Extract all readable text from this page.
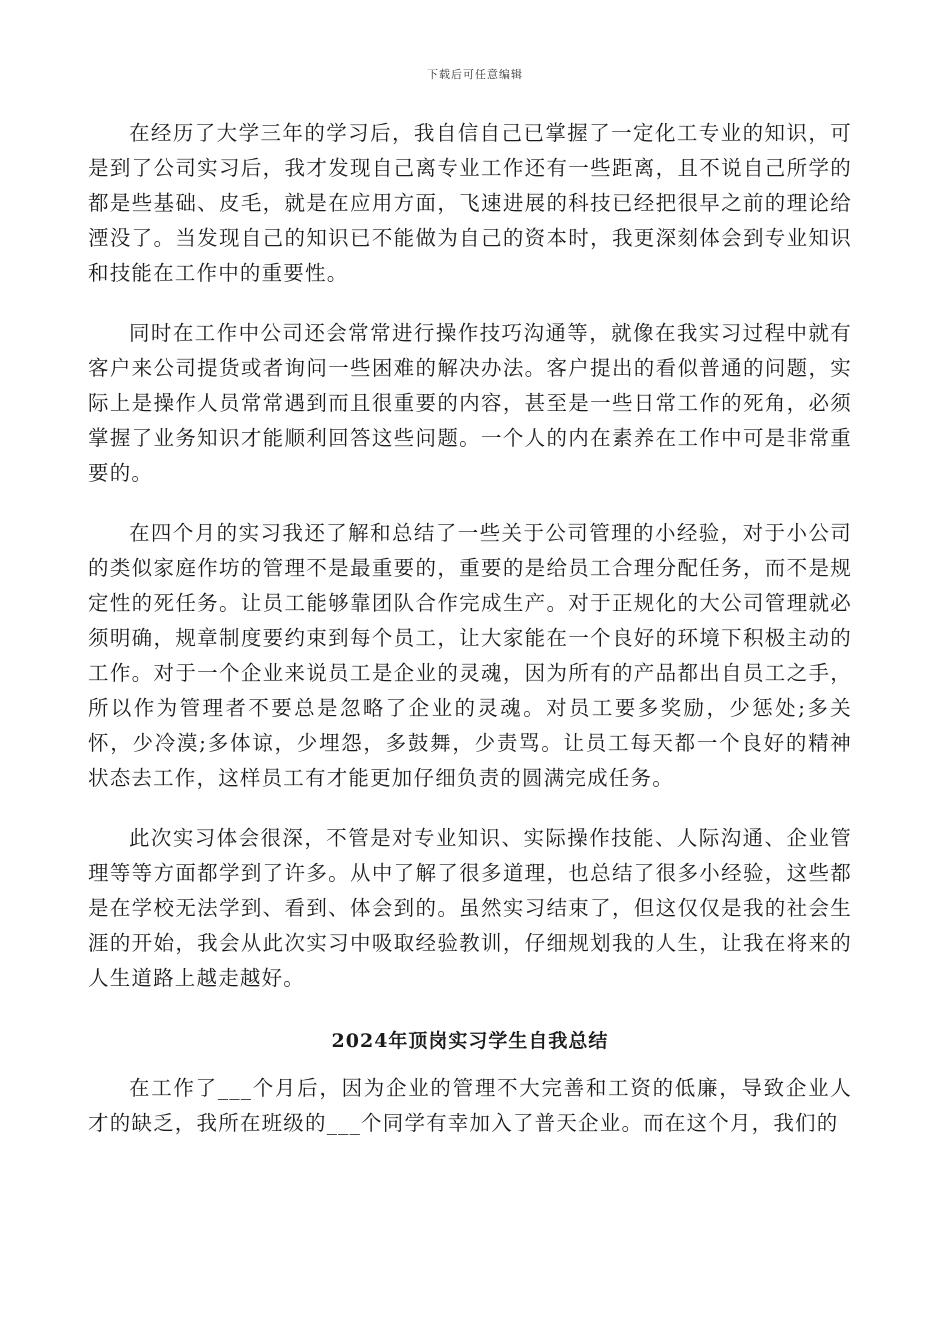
下载后可任意编辑

在经历了大学三年的学习后，我自信自己已掌握了一定化工专业的知识，可是到了公司实习后，我才发现自己离专业工作还有一些距离，且不说自己所学的都是些基础、皮毛，就是在应用方面，飞速进展的科技已经把很早之前的理论给湮没了。当发现自己的知识已不能做为自己的资本时，我更深刻体会到专业知识和技能在工作中的重要性。

同时在工作中公司还会常常进行操作技巧沟通等，就像在我实习过程中就有客户来公司提货或者询问一些困难的解决办法。客户提出的看似普通的问题，实际上是操作人员常常遇到而且很重要的内容，甚至是一些日常工作的死角，必须掌握了业务知识才能顺利回答这些问题。一个人的内在素养在工作中可是非常重要的。

在四个月的实习我还了解和总结了一些关于公司管理的小经验，对于小公司的类似家庭作坊的管理不是最重要的，重要的是给员工合理分配任务，而不是规定性的死任务。让员工能够靠团队合作完成生产。对于正规化的大公司管理就必须明确，规章制度要约束到每个员工，让大家能在一个良好的环境下积极主动的工作。对于一个企业来说员工是企业的灵魂，因为所有的产品都出自员工之手，所以作为管理者不要总是忽略了企业的灵魂。对员工要多奖励，少惩处;多关怀，少冷漠;多体谅，少埋怨，多鼓舞，少责骂。让员工每天都一个良好的精神状态去工作，这样员工有才能更加仔细负责的圆满完成任务。

此次实习体会很深，不管是对专业知识、实际操作技能、人际沟通、企业管理等等方面都学到了许多。从中了解了很多道理，也总结了很多小经验，这些都是在学校无法学到、看到、体会到的。虽然实习结束了，但这仅仅是我的社会生涯的开始，我会从此次实习中吸取经验教训，仔细规划我的人生，让我在将来的人生道路上越走越好。

2024年顶岗实习学生自我总结

在工作了___个月后，因为企业的管理不大完善和工资的低廉，导致企业人才的缺乏，我所在班级的___个同学有幸加入了普天企业。而在这个月，我们的
